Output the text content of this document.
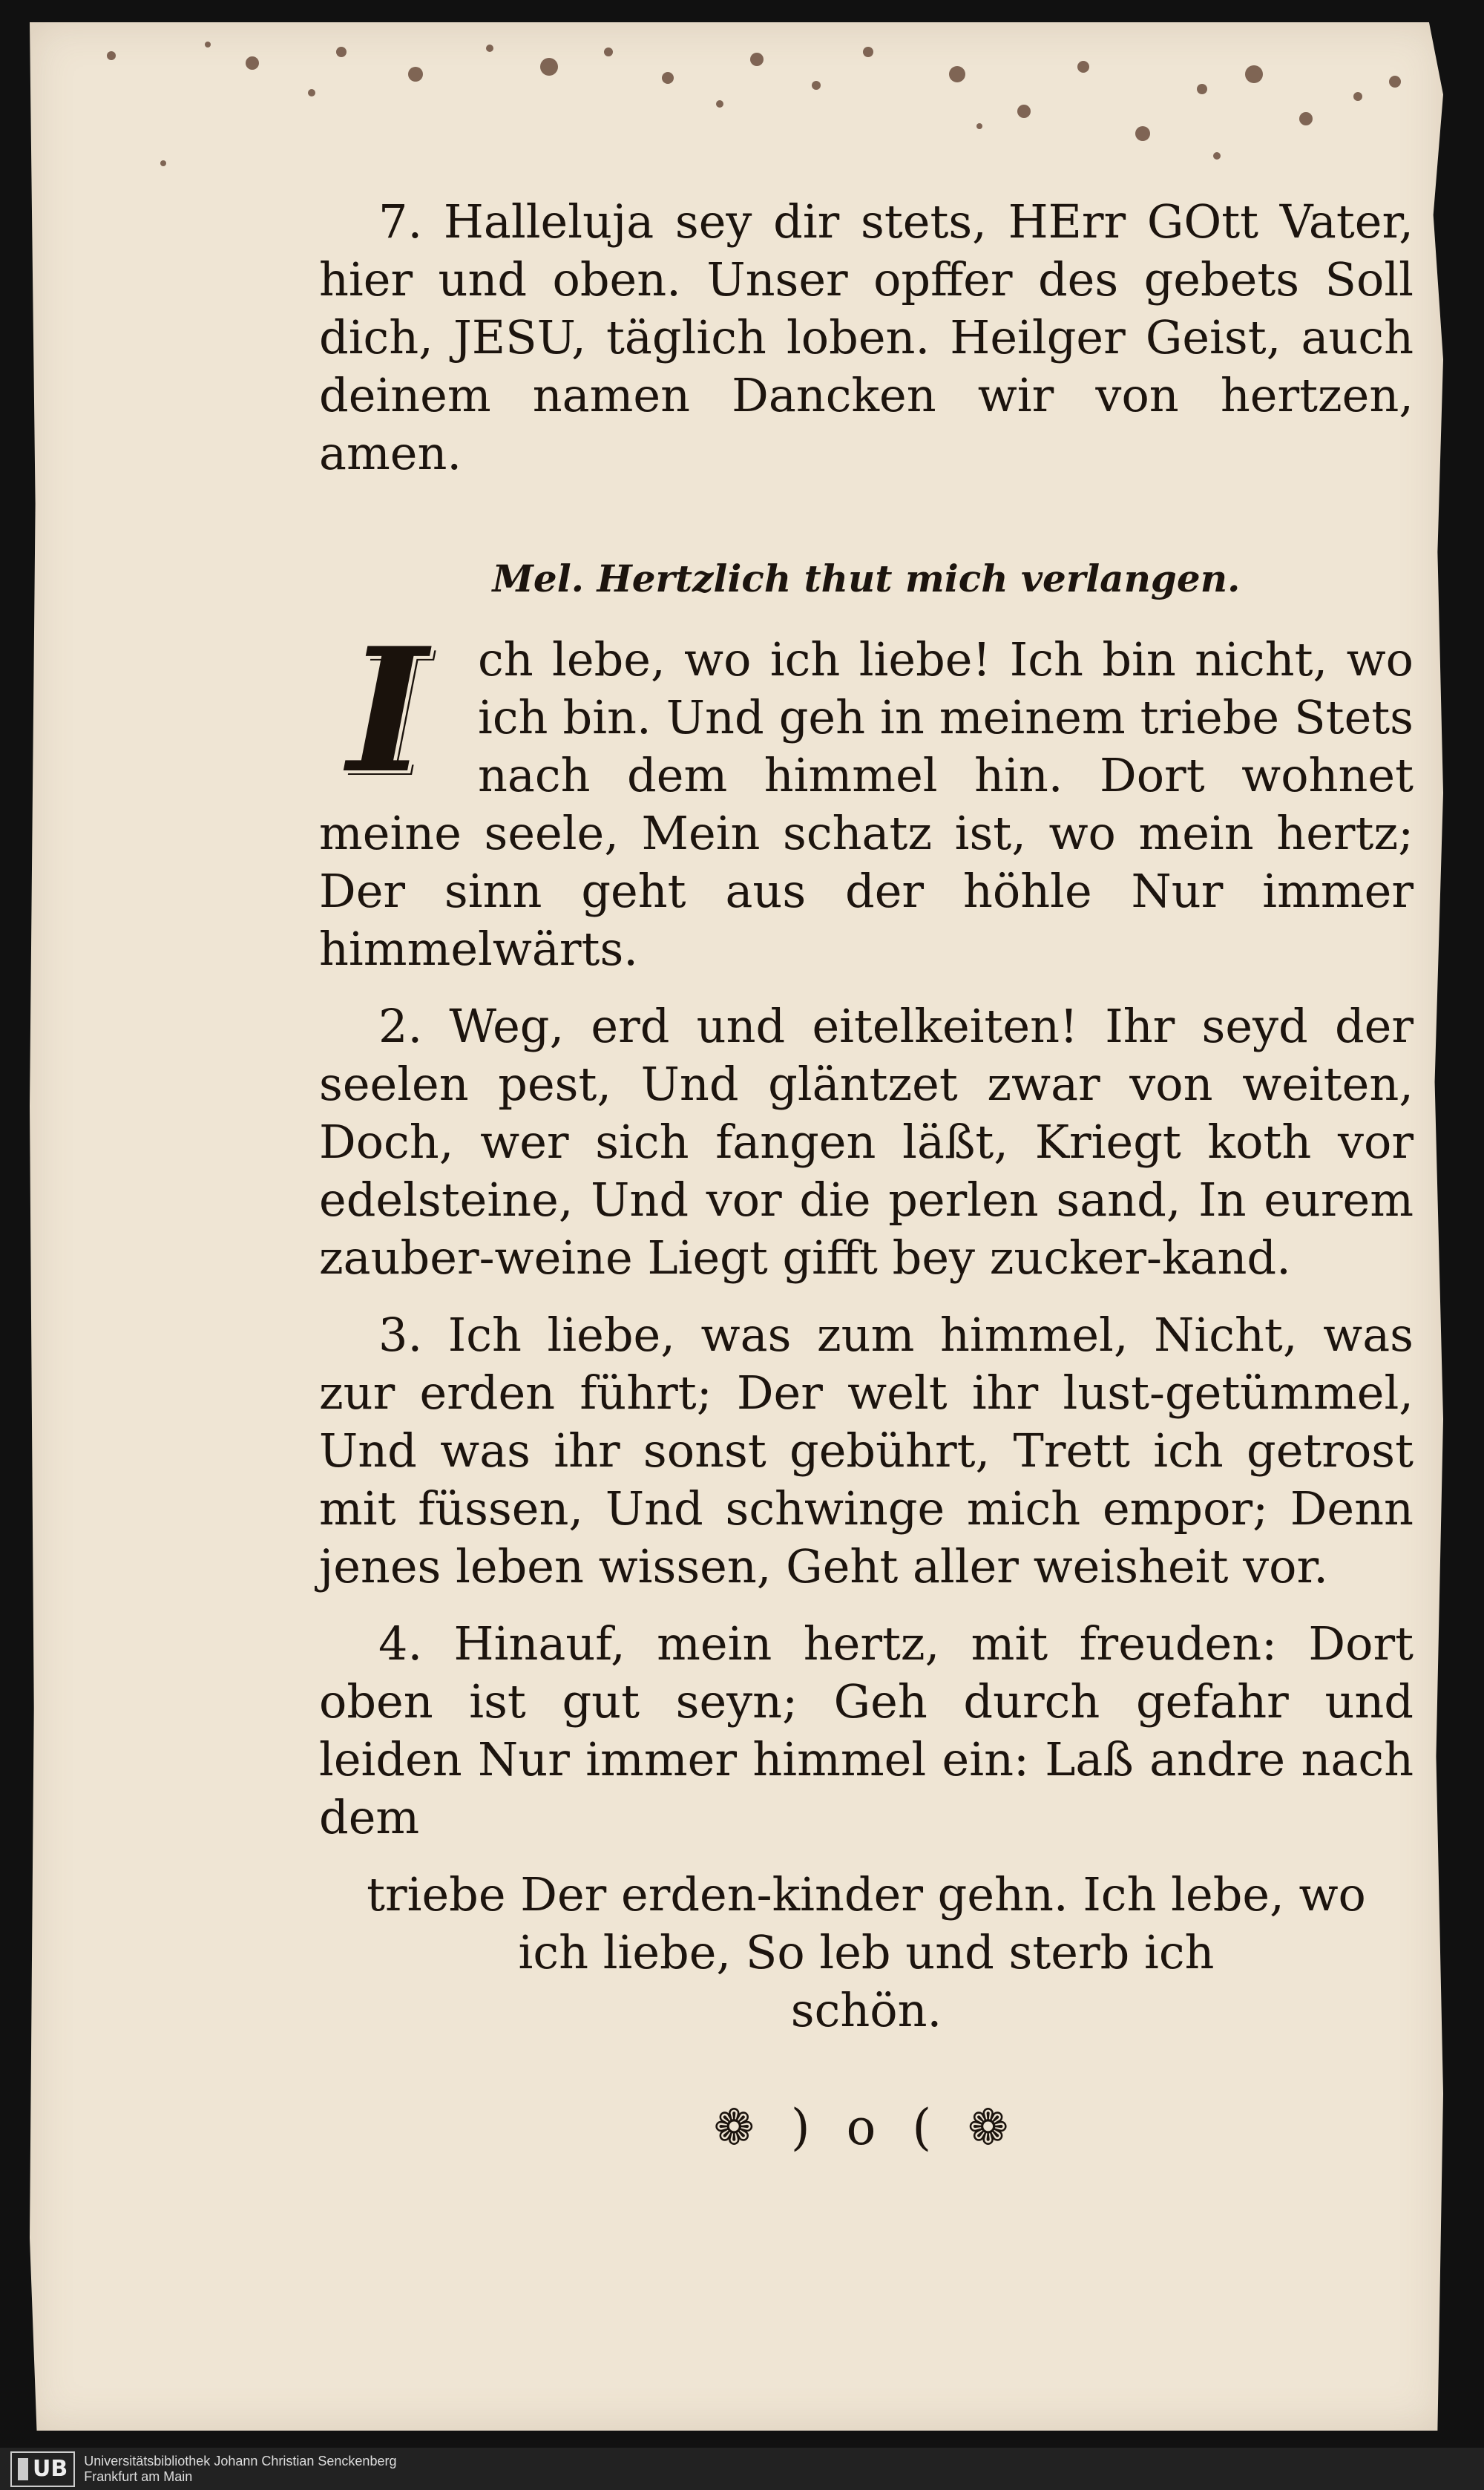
7. Halleluja sey dir stets, HErr GOtt Vater, hier und oben. Unser opffer des gebets Soll dich, JESU, täglich loben. Heilger Geist, auch deinem namen Dancken wir von hertzen, amen.

Mel. Hertzlich thut mich verlangen.

I	ch lebe, wo ich liebe! Ich bin nicht, wo ich bin. Und geh in meinem triebe Stets nach dem himmel hin. Dort wohnet meine seele, Mein schatz ist, wo mein hertz; Der sinn geht aus der höhle Nur immer himmelwärts.

2. Weg, erd und eitelkeiten! Ihr seyd der seelen pest, Und gläntzet zwar von weiten, Doch, wer sich fangen läßt, Kriegt koth vor edelsteine, Und vor die perlen sand, In eurem zauber-weine Liegt gifft bey zucker-kand.

3. Ich liebe, was zum himmel, Nicht, was zur erden führt; Der welt ihr lust-getümmel, Und was ihr sonst gebührt, Trett ich getrost mit füssen, Und schwinge mich empor; Denn jenes leben wissen, Geht aller weisheit vor.

4. Hinauf, mein hertz, mit freuden: Dort oben ist gut seyn; Geh durch gefahr und leiden Nur immer himmel ein: Laß andre nach dem

triebe Der erden-kinder gehn. Ich lebe, wo
ich liebe, So leb und sterb ich
schön.

❁ ) o ( ❁
UB Universitätsbibliothek Johann Christian Senckenberg
Frankfurt am Main
